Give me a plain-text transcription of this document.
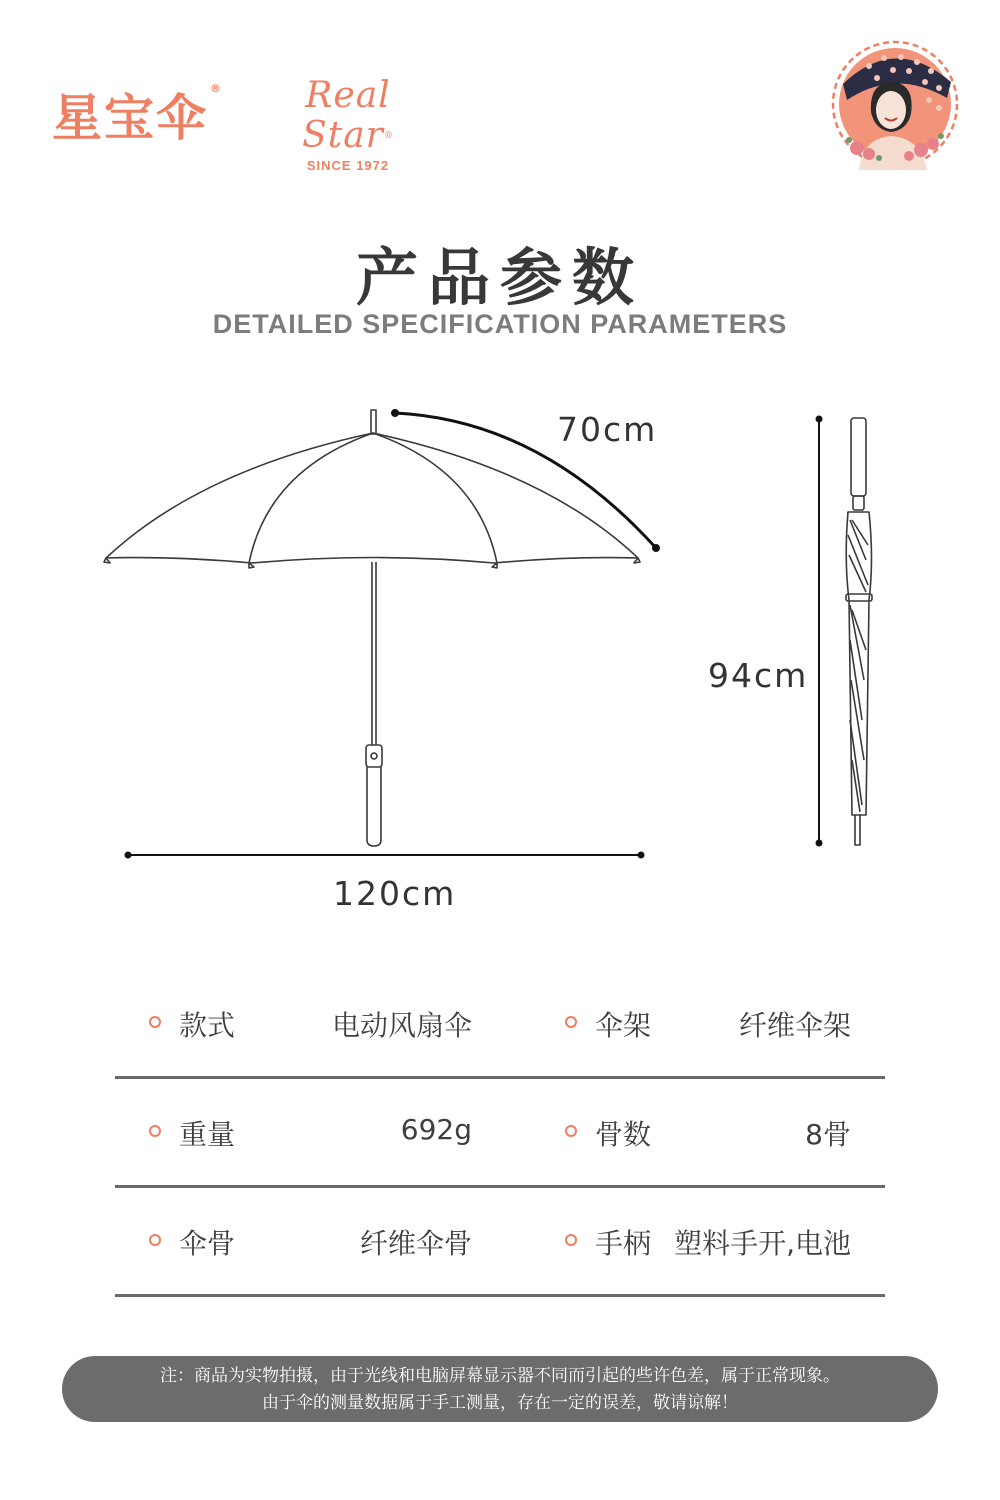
星宝伞®	Real Star®
SINCE 1972
产品参数
DETAILED SPECIFICATION PARAMETERS
70cm
120cm
94cm
款式	电动风扇伞	伞架	纤维伞架
重量	692g	骨数	8骨
伞骨	纤维伞骨	手柄 塑料手开,电池
注：商品为实物拍摄，由于光线和电脑屏幕显示器不同而引起的些许色差，属于正常现象。
由于伞的测量数据属于手工测量，存在一定的误差，敬请谅解！
